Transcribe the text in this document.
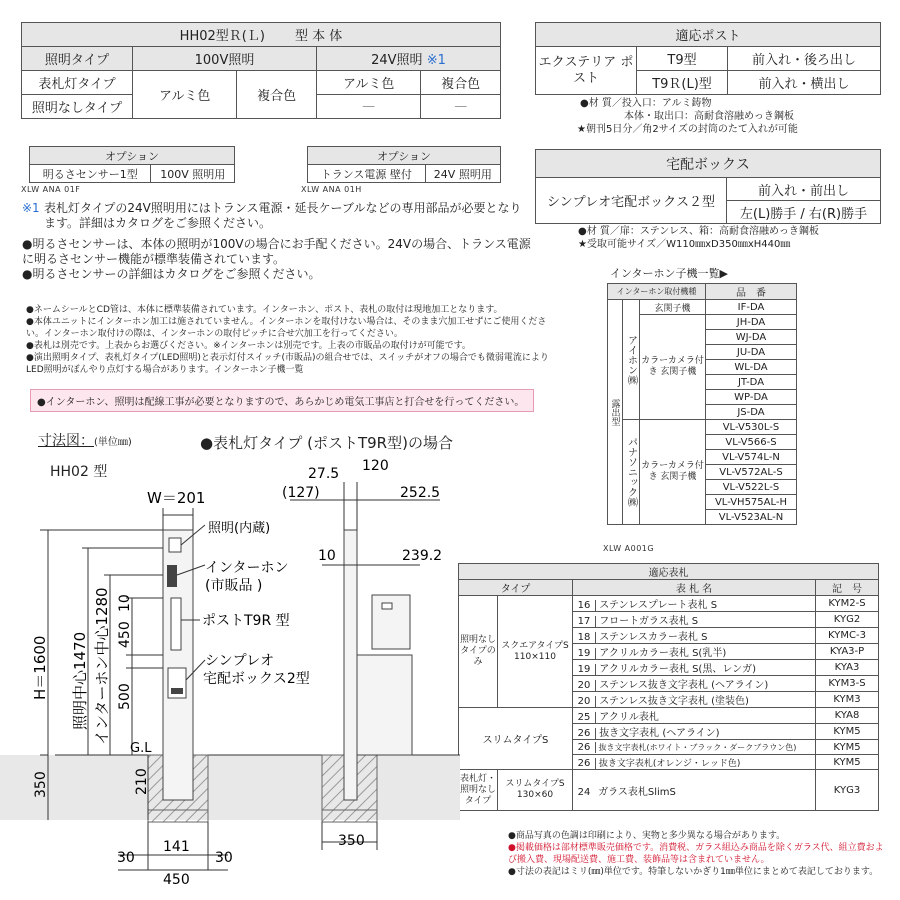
HH02型Ｒ(Ｌ)　　 型 本 体				
照明タイプ	100V照明		24V照明 ※1	
表札灯タイプ	アルミ色	複合色	アルミ色	複合色
照明なしタイプ			—	—
適応ポスト		
エクステリア ポスト	T9型	前入れ・後ろ出し
	T9Ｒ(L)型	前入れ・横出し
●材 質／投入口：アルミ鋳物
本体・取出口：高耐食溶融めっき鋼板
★朝刊5日分／角2サイズの封筒のたて入れが可能
オプション
明るさセンサー1型	100V 照明用
XLW ANA 01F
オプション
トランス電源 壁付	24V 照明用
XLW ANA 01H
宅配ボックス
シンプレオ宅配ボックス２型	前入れ・前出し
左(L)勝手 / 右(R)勝手
●材 質／扉：ステンレス、箱：高耐食溶融めっき鋼板
★受取可能サイズ／W110㎜xD350㎜xH440㎜
※1 表札灯タイプの24V照明用にはトランス電源・延長ケーブルなどの専用部品が必要となります。詳細はカタログをご参照ください。
●明るさセンサーは、本体の照明が100Vの場合にお手配ください。24Vの場合、トランス電源に明るさセンサー機能が標準装備されています。
●明るさセンサーの詳細はカタログをご参照ください。
●ネームシールとCD管は、本体に標準装備されています。インターホン、ポスト、表札の取付は現地加工となります。
●本体ユニットにインターホン加工は施されていません。インターホンを取付けない場合は、そのまま穴加工せずにご使用ください。インターホン取付けの際は、インターホンの取付ピッチに合せ穴加工を行ってください。
●表札は別売です。上表からお選びください。※インターホンは別売です。上表の市販品の取付けが可能です。
●演出照明タイプ、表札灯タイプ(LED照明)と表示灯付スイッチ(市販品)の組合せでは、スイッチがオフの場合でも微弱電流によりLED照明がぼんやり点灯する場合があります。インターホン子機一覧
●インターホン、照明は配線工事が必要となりますので、あらかじめ電気工事店と打合せを行ってください。
インターホン子機一覧▶
インターホン取付機種			品　番
露出型	アイホン㈱	玄関子機	IF-DA
		カラーカメラ付 き 玄関子機	JH-DA
			WJ-DA
			JU-DA
			WL-DA
			JT-DA
			WP-DA
			JS-DA
	パナソニック㈱	カラーカメラ付 き 玄関子機	VL-V530L-S
			VL-V566-S
			VL-V574L-N
			VL-V572AL-S
			VL-V522L-S
			VL-VH575AL-H
			VL-V523AL-N
XLW A001G
適応表札			
タイプ		表 札 名	記　号
照明なしタイプのみ	スクエアタイプS 110×110	16 ステンレスプレート表札 S	KYM2-S
		17 フロートガラス表札 S	KYG2
		18 ステンレスカラー表札 S	KYMC-3
		19 アクリルカラー表札 S(乳半)	KYA3-P
		19 アクリルカラー表札 S(黒、レンガ)	KYA3
		20 ステンレス抜き文字表札 (ヘアライン)	KYM3-S
		20 ステンレス抜き文字表札 (塗装色)	KYM3
スリムタイプS		25 アクリル表札	KYA8
		26 抜き文字表札 (ヘアライン)	KYM5
		26 抜き文字表札(ホワイト・ブラック・ダークブラウン色)	KYM5
		26 抜き文字表札(オレンジ・レッド色)	KYM5
表札灯・照明なしタイプ	スリムタイプS 130×60	24 ガラス表札SlimS	KYG3
●商品写真の色調は印刷により、実物と多少異なる場合があります。
●掲載価格は部材標準販売価格です。消費税、ガラス組込み商品を除くガラス代、組立費および搬入費、現場配送費、施工費、装飾品等は含まれていません。
●寸法の表記はミリ(㎜)単位です。特筆しないかぎり1㎜単位にまとめて表記しております。
寸法図：(単位㎜)	●表札灯タイプ (ポストT9R型)の場合
HH02 型
W＝201
照明(内蔵)
インターホン
(市販品 )
ポストT9R 型
シンプレオ
宅配ボックス2型
G.L
H＝1600 照明中心1470 インターホン中心1280 10
450
500
210
350
141
30	30
450
27.5 120
(127)	252.5
10	239.2
350
